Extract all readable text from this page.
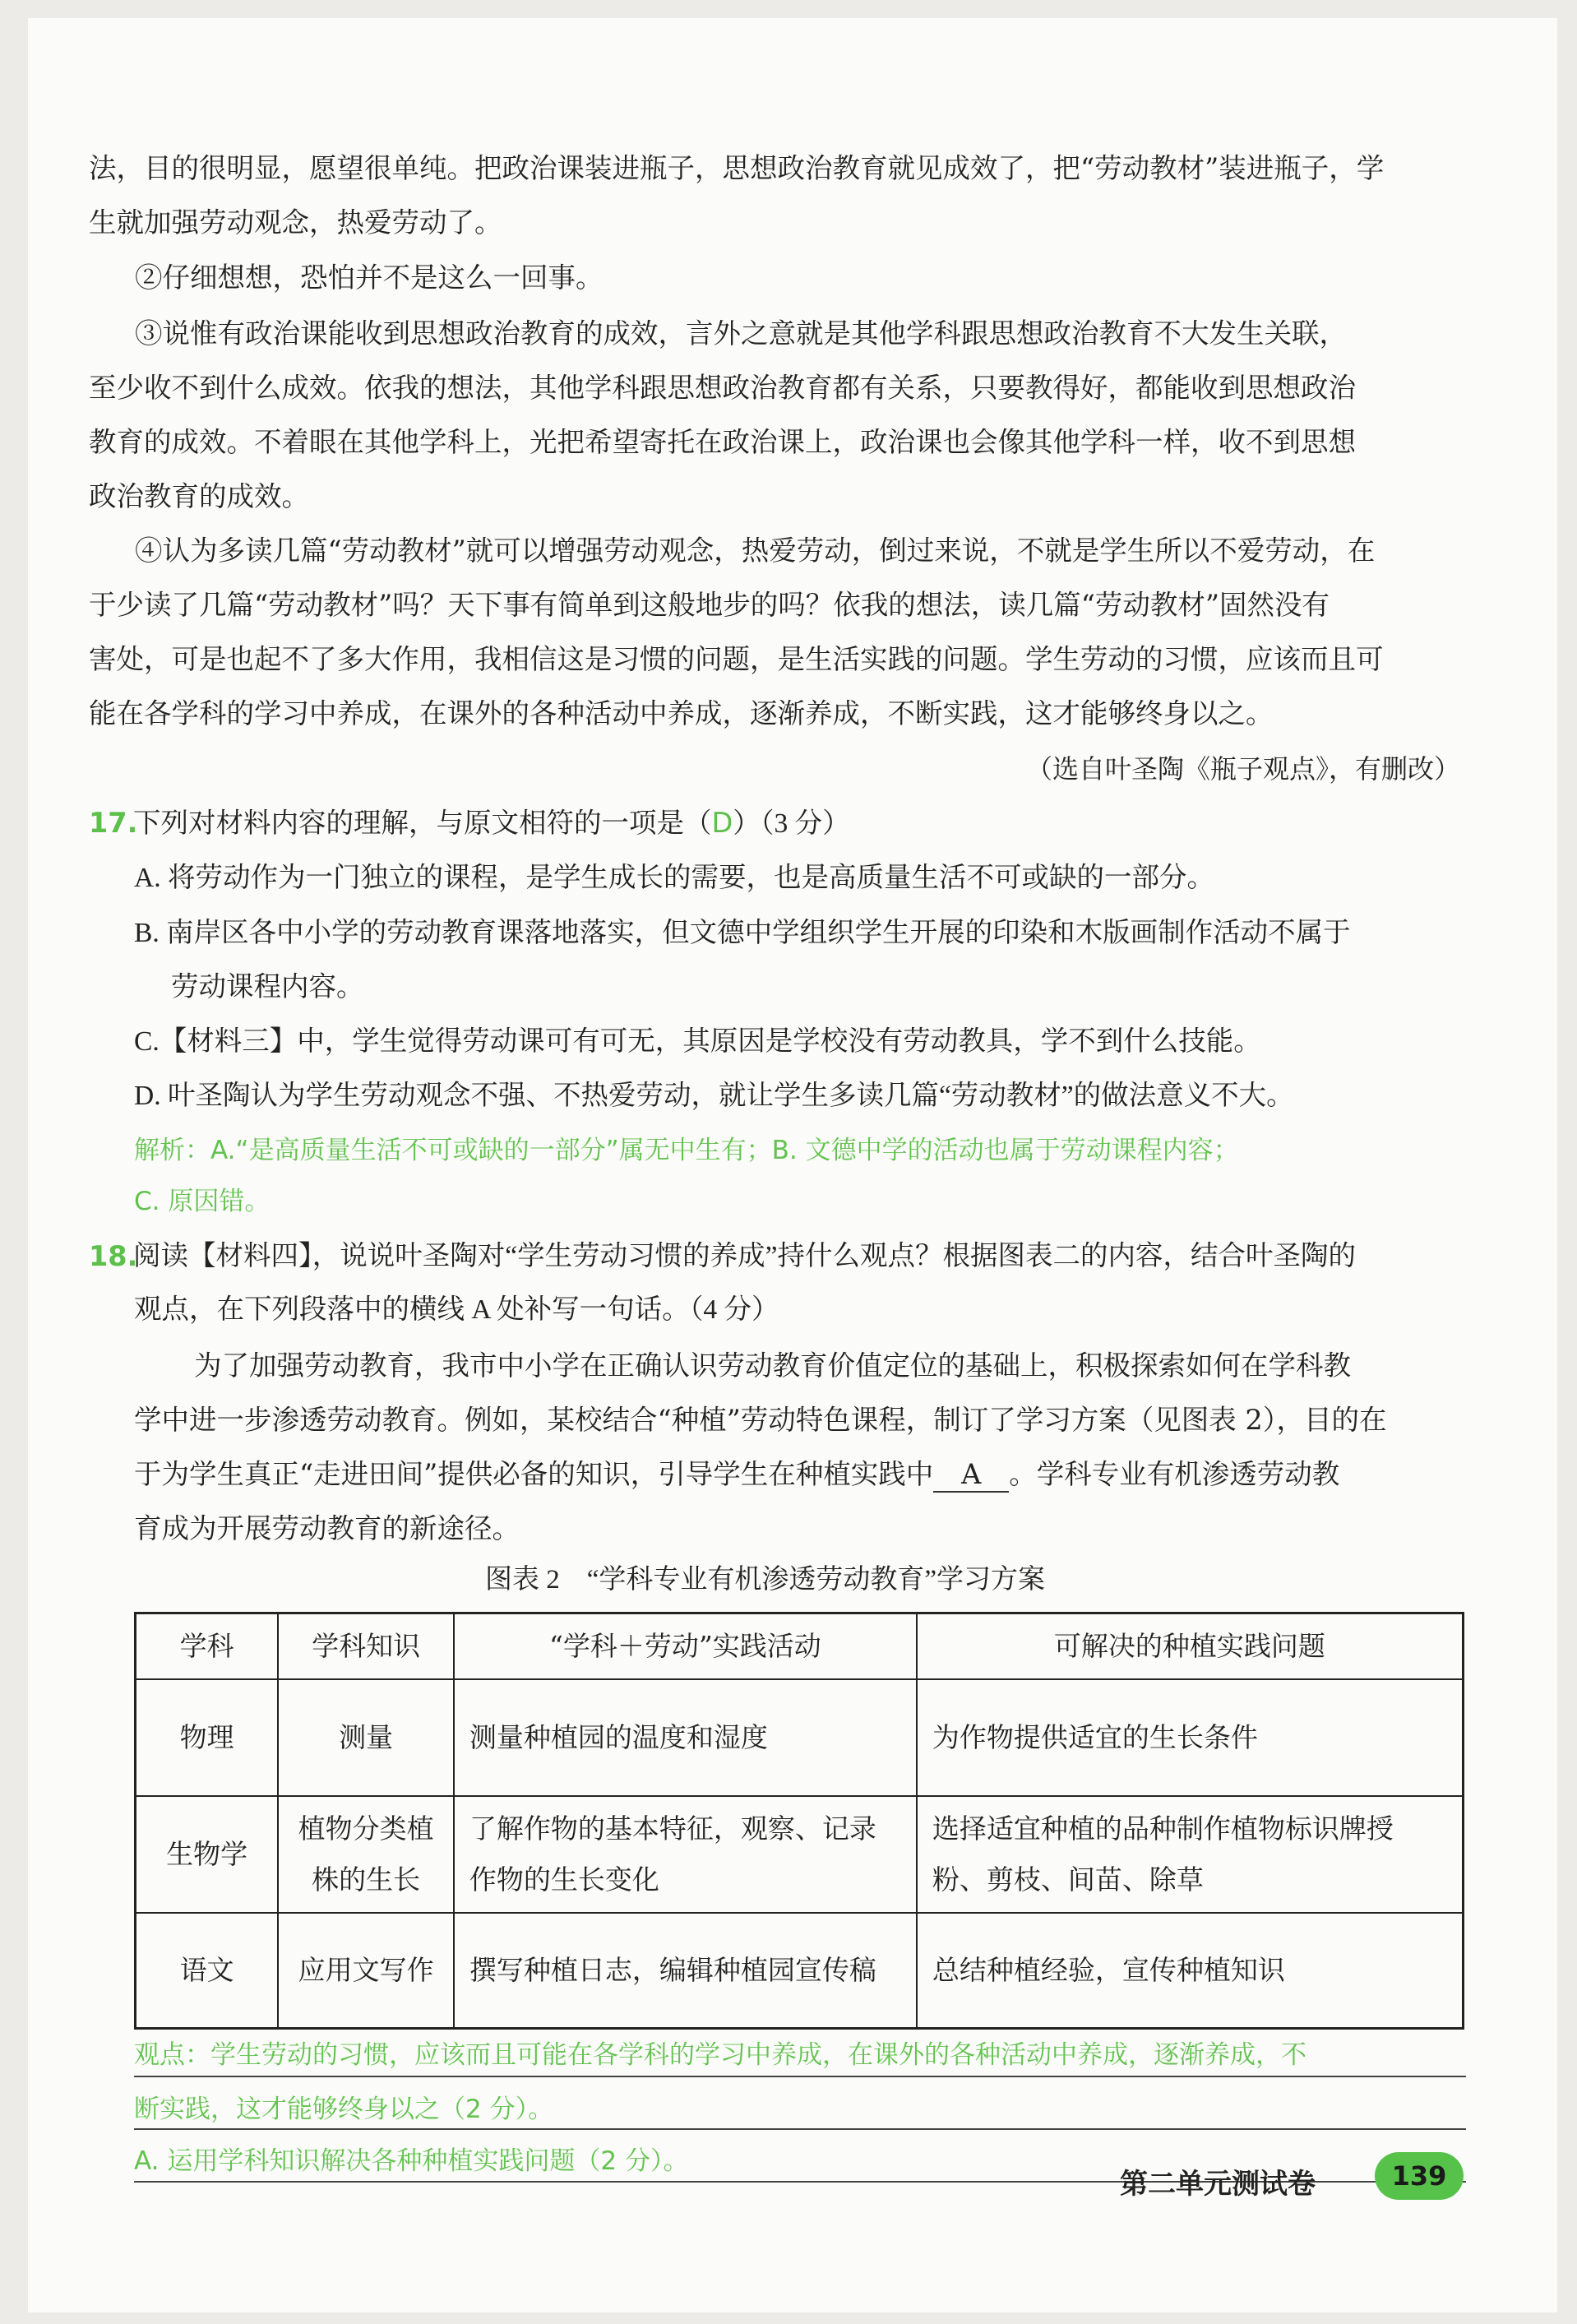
法，目的很明显，愿望很单纯。把政治课装进瓶子，思想政治教育就见成效了，把“劳动教材”装进瓶子，学
生就加强劳动观念，热爱劳动了。
②仔细想想，恐怕并不是这么一回事。
③说惟有政治课能收到思想政治教育的成效，言外之意就是其他学科跟思想政治教育不大发生关联，
至少收不到什么成效。依我的想法，其他学科跟思想政治教育都有关系，只要教得好，都能收到思想政治
教育的成效。不着眼在其他学科上，光把希望寄托在政治课上，政治课也会像其他学科一样，收不到思想
政治教育的成效。
④认为多读几篇“劳动教材”就可以增强劳动观念，热爱劳动，倒过来说，不就是学生所以不爱劳动，在
于少读了几篇“劳动教材”吗？天下事有简单到这般地步的吗？依我的想法，读几篇“劳动教材”固然没有
害处，可是也起不了多大作用，我相信这是习惯的问题，是生活实践的问题。学生劳动的习惯，应该而且可
能在各学科的学习中养成，在课外的各种活动中养成，逐渐养成，不断实践，这才能够终身以之。
（选自叶圣陶《瓶子观点》，有删改）
17.
下列对材料内容的理解，与原文相符的一项是（D）（3 分）
A. 将劳动作为一门独立的课程，是学生成长的需要，也是高质量生活不可或缺的一部分。
B. 南岸区各中小学的劳动教育课落地落实，但文德中学组织学生开展的印染和木版画制作活动不属于
劳动课程内容。
C.【材料三】中，学生觉得劳动课可有可无，其原因是学校没有劳动教具，学不到什么技能。
D. 叶圣陶认为学生劳动观念不强、不热爱劳动，就让学生多读几篇“劳动教材”的做法意义不大。
解析：A.“是高质量生活不可或缺的一部分”属无中生有；B. 文德中学的活动也属于劳动课程内容；
C. 原因错。
18.
阅读【材料四】，说说叶圣陶对“学生劳动习惯的养成”持什么观点？根据图表二的内容，结合叶圣陶的
观点，在下列段落中的横线 A 处补写一句话。（4 分）
为了加强劳动教育，我市中小学在正确认识劳动教育价值定位的基础上，积极探索如何在学科教
学中进一步渗透劳动教育。例如，某校结合“种植”劳动特色课程，制订了学习方案（见图表 2），目的在
于为学生真正“走进田间”提供必备的知识，引导学生在种植实践中 A 。学科专业有机渗透劳动教
育成为开展劳动教育的新途径。
图表 2　“学科专业有机渗透劳动教育”学习方案
学科	学科知识	“学科＋劳动”实践活动	可解决的种植实践问题
物理	测量	测量种植园的温度和湿度	为作物提供适宜的生长条件
生物学	植物分类植株的生长	了解作物的基本特征，观察、记录作物的生长变化	选择适宜种植的品种制作植物标识牌授粉、剪枝、间苗、除草
语文	应用文写作	撰写种植日志，编辑种植园宣传稿	总结种植经验，宣传种植知识
观点：学生劳动的习惯，应该而且可能在各学科的学习中养成，在课外的各种活动中养成，逐渐养成，不
断实践，这才能够终身以之（2 分）。
A. 运用学科知识解决各种种植实践问题（2 分）。
第二单元测试卷	139
